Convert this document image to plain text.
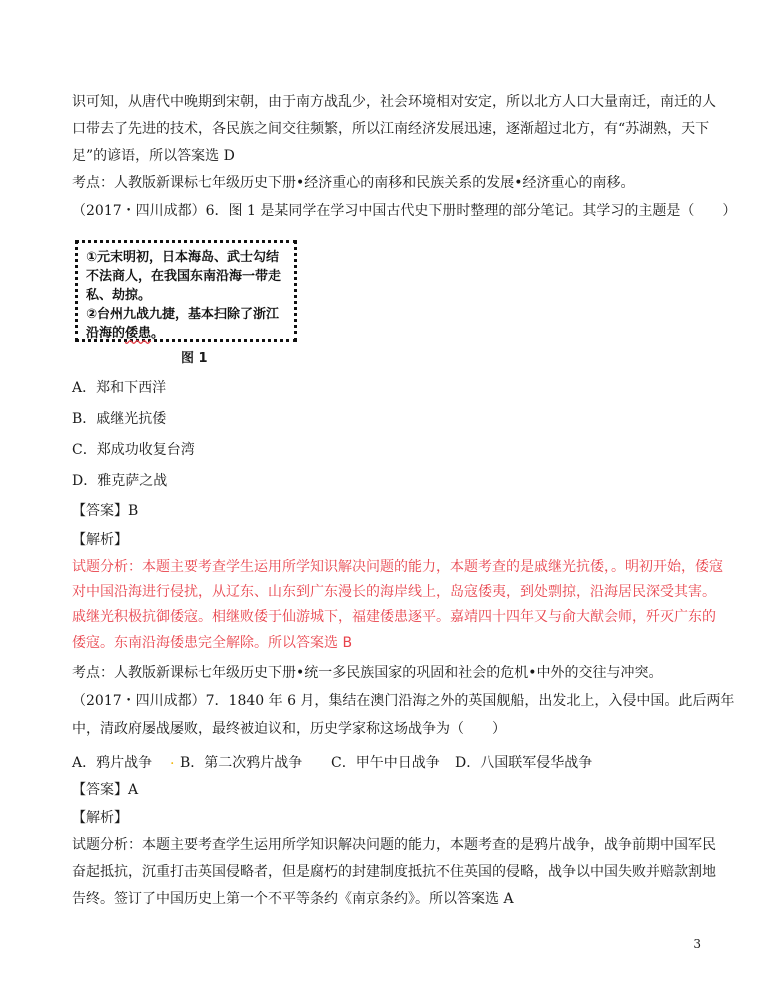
识可知，从唐代中晚期到宋朝，由于南方战乱少，社会环境相对安定，所以北方人口大量南迁，南迁的人
口带去了先进的技术，各民族之间交往频繁，所以江南经济发展迅速，逐渐超过北方，有“苏湖熟，天下
足”的谚语，所以答案选 D
考点：人教版新课标七年级历史下册•经济重心的南移和民族关系的发展•经济重心的南移。
（2017・四川成都）6．图 1 是某同学在学习中国古代史下册时整理的部分笔记。其学习的主题是（　　）
①元末明初，日本海岛、武士勾结
不法商人，在我国东南沿海一带走
私、劫掠。
②台州九战九捷，基本扫除了浙江
沿海的倭患。
图 1
A．郑和下西洋
B．戚继光抗倭
C．郑成功收复台湾
D．雅克萨之战
【答案】B
【解析】
试题分析：本题主要考查学生运用所学知识解决问题的能力，本题考查的是戚继光抗倭，。明初开始，倭寇
对中国沿海进行侵扰，从辽东、山东到广东漫长的海岸线上，岛寇倭夷，到处剽掠，沿海居民深受其害。
戚继光积极抗御倭寇。相继败倭于仙游城下，福建倭患逐平。嘉靖四十四年又与俞大猷会师，歼灭广东的
倭寇。东南沿海倭患完全解除。所以答案选 B
考点：人教版新课标七年级历史下册•统一多民族国家的巩固和社会的危机•中外的交往与冲突。
（2017・四川成都）7．1840 年 6 月，集结在澳门沿海之外的英国舰船，出发北上，入侵中国。此后两年
中，清政府屡战屡败，最终被迫议和，历史学家称这场战争为（　　）
A．鸦片战争 . B．第二次鸦片战争 C．甲午中日战争 D．八国联军侵华战争
【答案】A
【解析】
试题分析：本题主要考查学生运用所学知识解决问题的能力，本题考查的是鸦片战争，战争前期中国军民
奋起抵抗，沉重打击英国侵略者，但是腐朽的封建制度抵抗不住英国的侵略，战争以中国失败并赔款割地
告终。签订了中国历史上第一个不平等条约《南京条约》。所以答案选 A
3
